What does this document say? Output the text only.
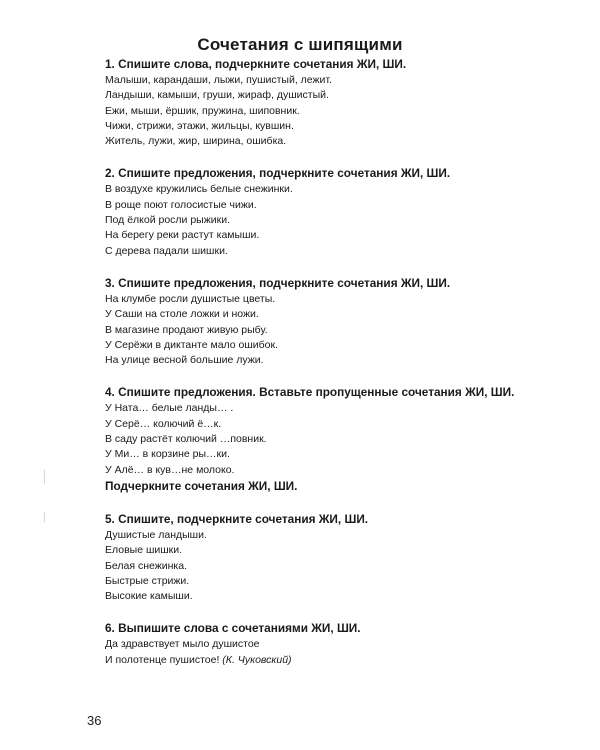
Сочетания с шипящими
1. Спишите слова, подчеркните сочетания ЖИ, ШИ.
Малыши, карандаши, лыжи, пушистый, лежит.
Ландыши, камыши, груши, жираф, душистый.
Ежи, мыши, ёршик, пружина, шиповник.
Чижи, стрижи, этажи, жильцы, кувшин.
Житель, лужи, жир, ширина, ошибка.
2. Спишите предложения, подчеркните сочетания ЖИ, ШИ.
В воздухе кружились белые снежинки.
В роще поют голосистые чижи.
Под ёлкой росли рыжики.
На берегу реки растут камыши.
С дерева падали шишки.
3. Спишите предложения, подчеркните сочетания ЖИ, ШИ.
На клумбе росли душистые цветы.
У Саши на столе ложки и ножи.
В магазине продают живую рыбу.
У Серёжи в диктанте мало ошибок.
На улице весной большие лужи.
4. Спишите предложения. Вставьте пропущенные сочетания ЖИ, ШИ.
У Ната… белые ланды… .
У Серё… колючий ё…к.
В саду растёт колючий …повник.
У Ми… в корзине ры…ки.
У Алё… в кув…не молоко.
Подчеркните сочетания ЖИ, ШИ.
5. Спишите, подчеркните сочетания ЖИ, ШИ.
Душистые ландыши.
Еловые шишки.
Белая снежинка.
Быстрые стрижи.
Высокие камыши.
6. Выпишите слова с сочетаниями ЖИ, ШИ.
Да здравствует мыло душистое
И полотенце пушистое! (К. Чуковский)
36
